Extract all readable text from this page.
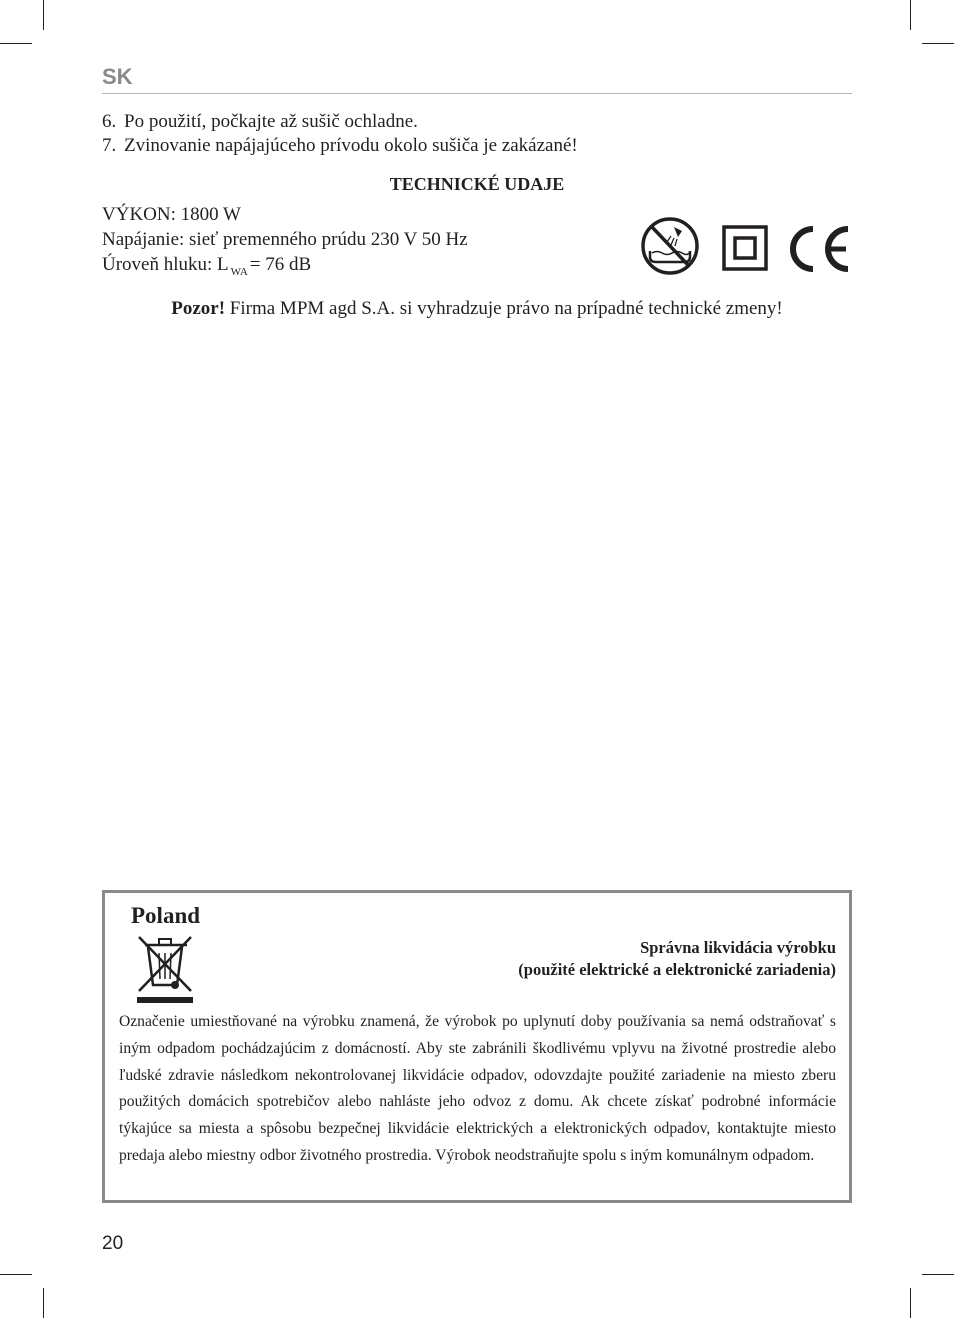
SK
6. Po použití, počkajte až sušič ochladne.
7. Zvinovanie napájajúceho prívodu okolo sušiča je zakázané!
TECHNICKÉ UDAJE
VÝKON: 1800 W
Napájanie: sieť premenného prúdu 230 V 50 Hz
Úroveň hluku: L $_{WA}$ = 76 dB
Pozor! Firma MPM agd S.A. si vyhradzuje právo na prípadné technické zmeny!
Poland
Správna likvidácia výrobku
(použité elektrické a elektronické zariadenia)
Označenie umiestňované na výrobku znamená, že výrobok po uplynutí doby používania sa nemá odstraňovať s iným odpadom pochádzajúcim z domácností. Aby ste zabránili škodlivému vplyvu na životné prostredie alebo ľudské zdravie následkom nekontrolovanej likvidácie odpadov, odovzdajte použité zariadenie na miesto zberu použitých domácich spotrebičov alebo nahláste jeho odvoz z domu. Ak chcete získať podrobné informácie týkajúce sa miesta a spôsobu bezpečnej likvidácie elektrických a elektronických odpadov, kontaktujte miesto predaja alebo miestny odbor životného prostredia. Výrobok neodstraňujte spolu s iným komunálnym odpadom.
20
